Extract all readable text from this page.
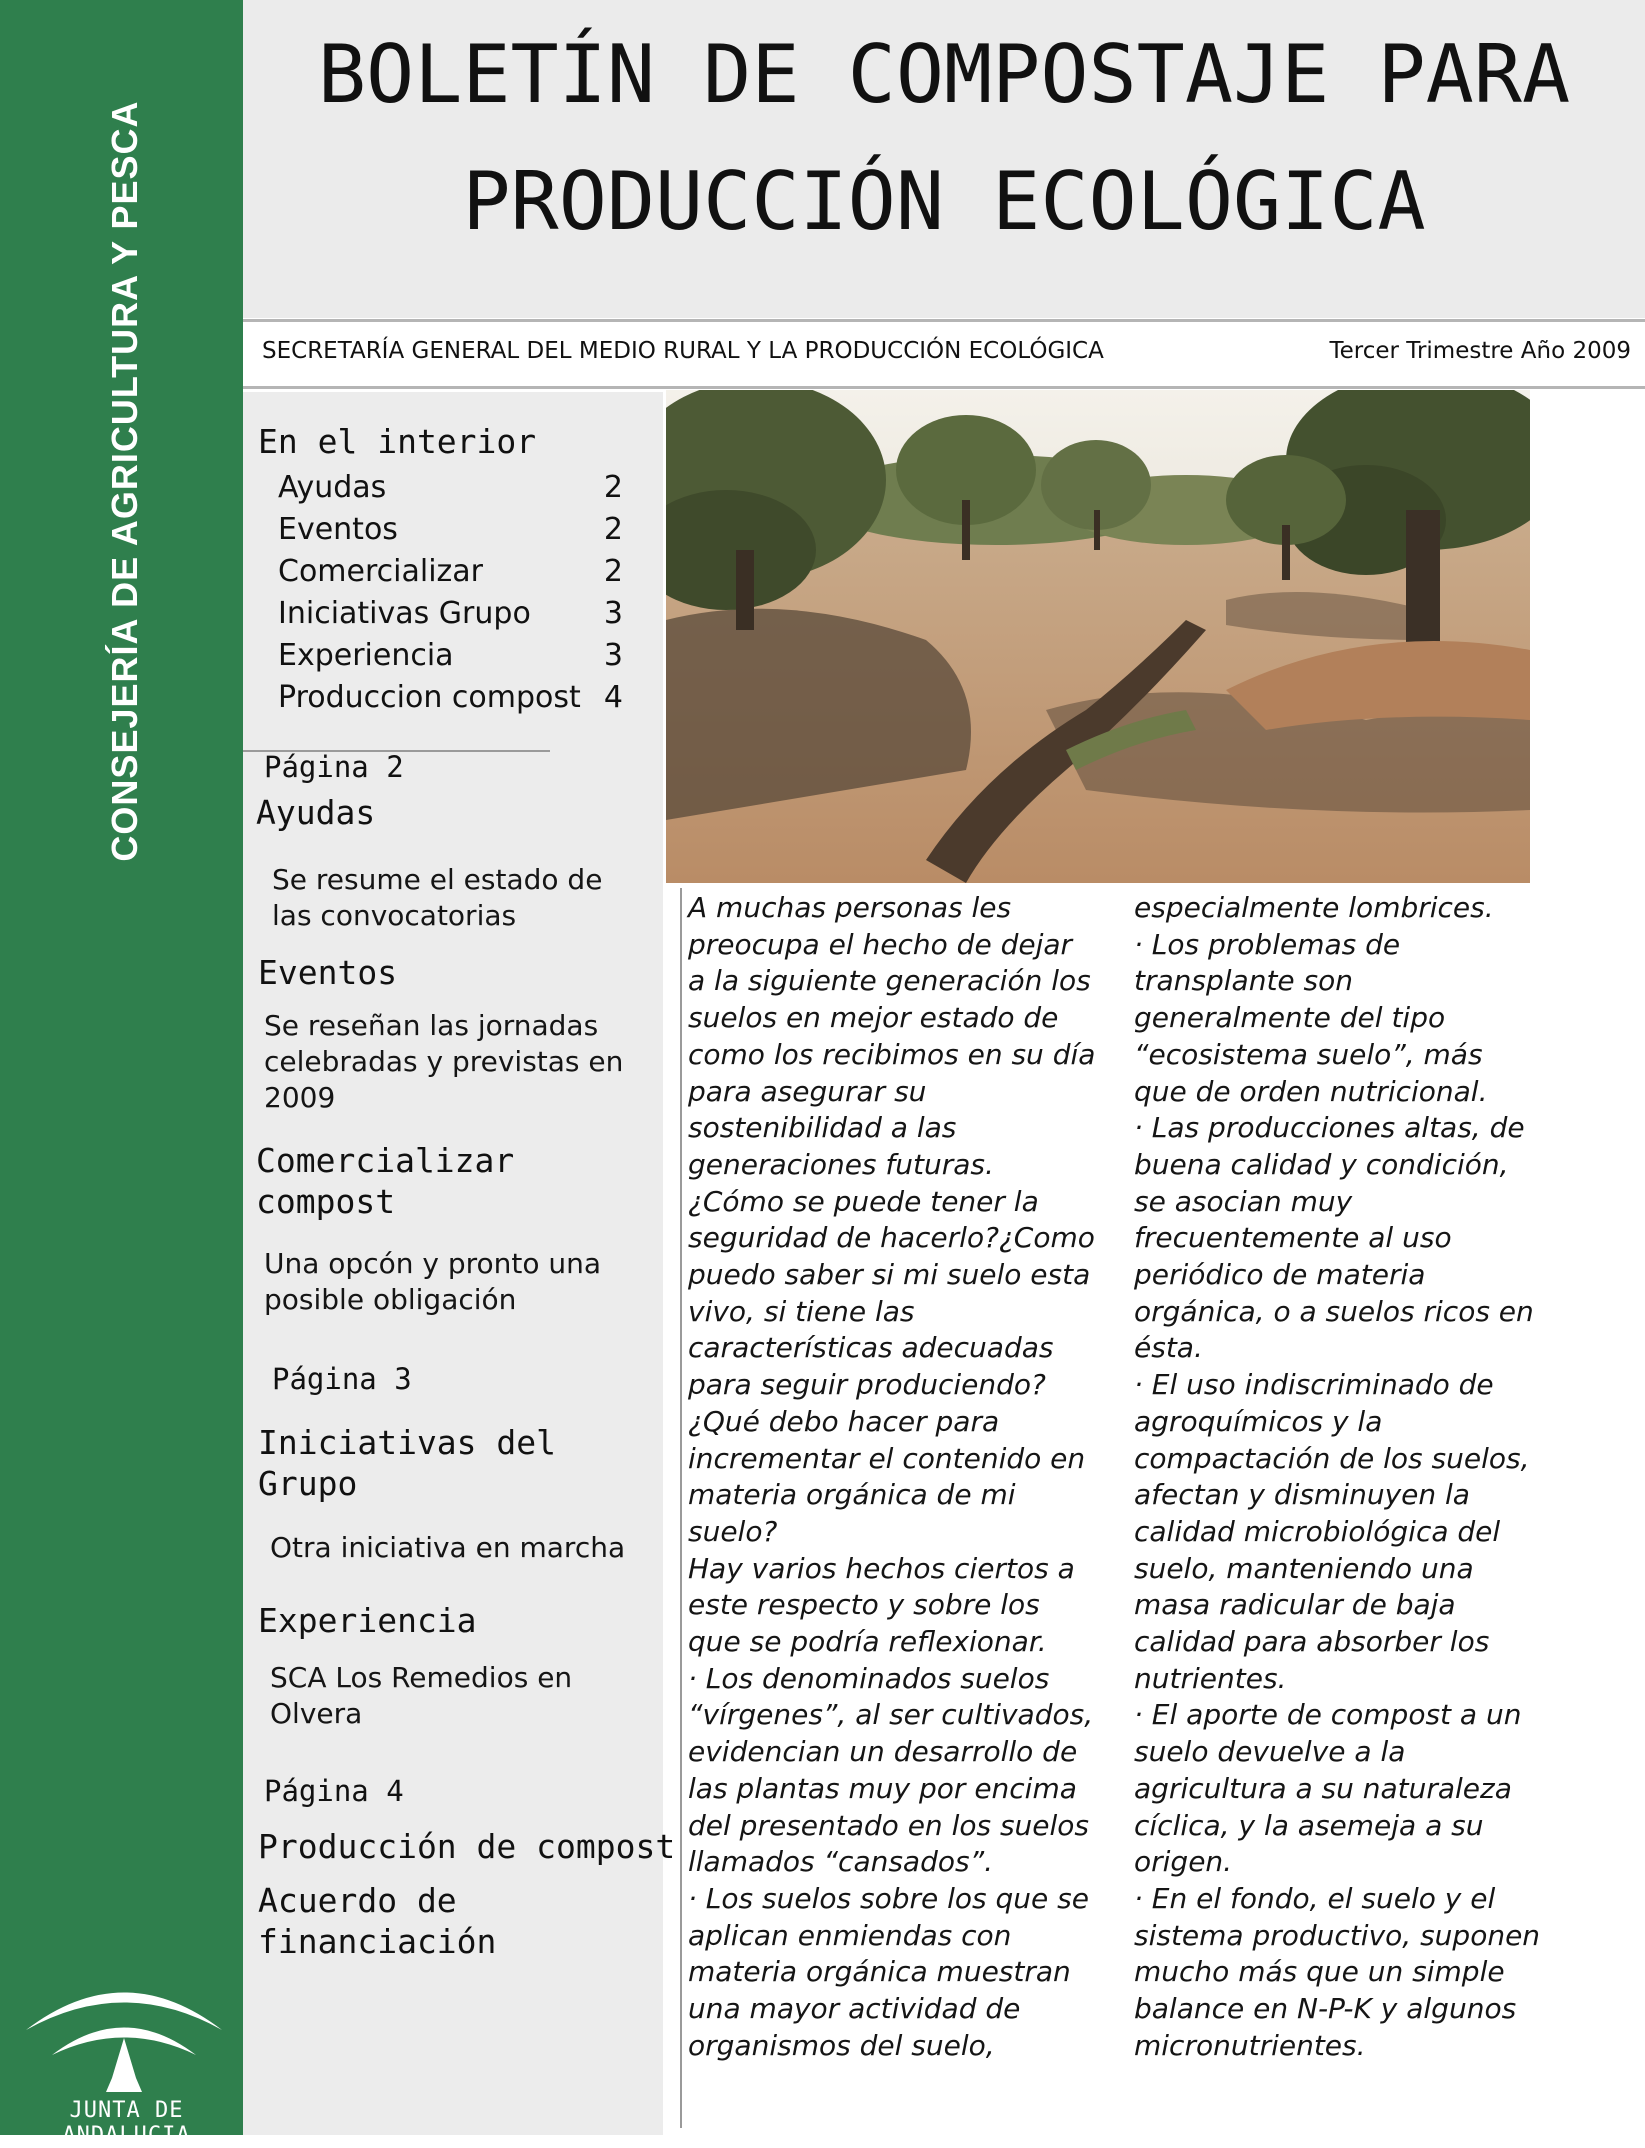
CONSEJERÍA DE AGRICULTURA Y PESCA
JUNTA DE ANDALUCIA
BOLETÍN DE COMPOSTAJE PARA
PRODUCCIÓN ECOLÓGICA
SECRETARÍA GENERAL DEL MEDIO RURAL Y LA PRODUCCIÓN ECOLÓGICA	Tercer Trimestre Año 2009
En el interior
Ayudas	2
Eventos	2
Comercializar	2
Iniciativas Grupo 3
Experiencia	3
Produccion compost 4
Página 2
Ayudas
Se resume el estado de las convocatorias
Eventos
Se reseñan las jornadas celebradas y previstas en 2009
Comercializar compost
Una opcón y pronto una posible obligación
Página 3
Iniciativas del Grupo
Otra iniciativa en marcha
Experiencia
SCA Los Remedios en Olvera
Página 4
Producción de compost
Acuerdo de financiación

A muchas personas les

preocupa el hecho de dejar

a la siguiente generación los

suelos en mejor estado de

como los recibimos en su día

para asegurar su

sostenibilidad a las

generaciones futuras.

¿Cómo se puede tener la

seguridad de hacerlo?¿Como

puedo saber si mi suelo esta

vivo, si tiene las

características adecuadas

para seguir produciendo?

¿Qué debo hacer para

incrementar el contenido en

materia orgánica de mi

suelo?

Hay varios hechos ciertos a

este respecto y sobre los

que se podría reflexionar.

· Los denominados suelos

“vírgenes”, al ser cultivados,

evidencian un desarrollo de

las plantas muy por encima

del presentado en los suelos

llamados “cansados”.

· Los suelos sobre los que se

aplican enmiendas con

materia orgánica muestran

una mayor actividad de

organismos del suelo,

especialmente lombrices.

· Los problemas de

transplante son

generalmente del tipo

“ecosistema suelo”, más

que de orden nutricional.

· Las producciones altas, de

buena calidad y condición,

se asocian muy

frecuentemente al uso

periódico de materia

orgánica, o a suelos ricos en

ésta.

· El uso indiscriminado de

agroquímicos y la

compactación de los suelos,

afectan y disminuyen la

calidad microbiológica del

suelo, manteniendo una

masa radicular de baja

calidad para absorber los

nutrientes.

· El aporte de compost a un

suelo devuelve a la

agricultura a su naturaleza

cíclica, y la asemeja a su

origen.

· En el fondo, el suelo y el

sistema productivo, suponen

mucho más que un simple

balance en N-P-K y algunos

micronutrientes.
